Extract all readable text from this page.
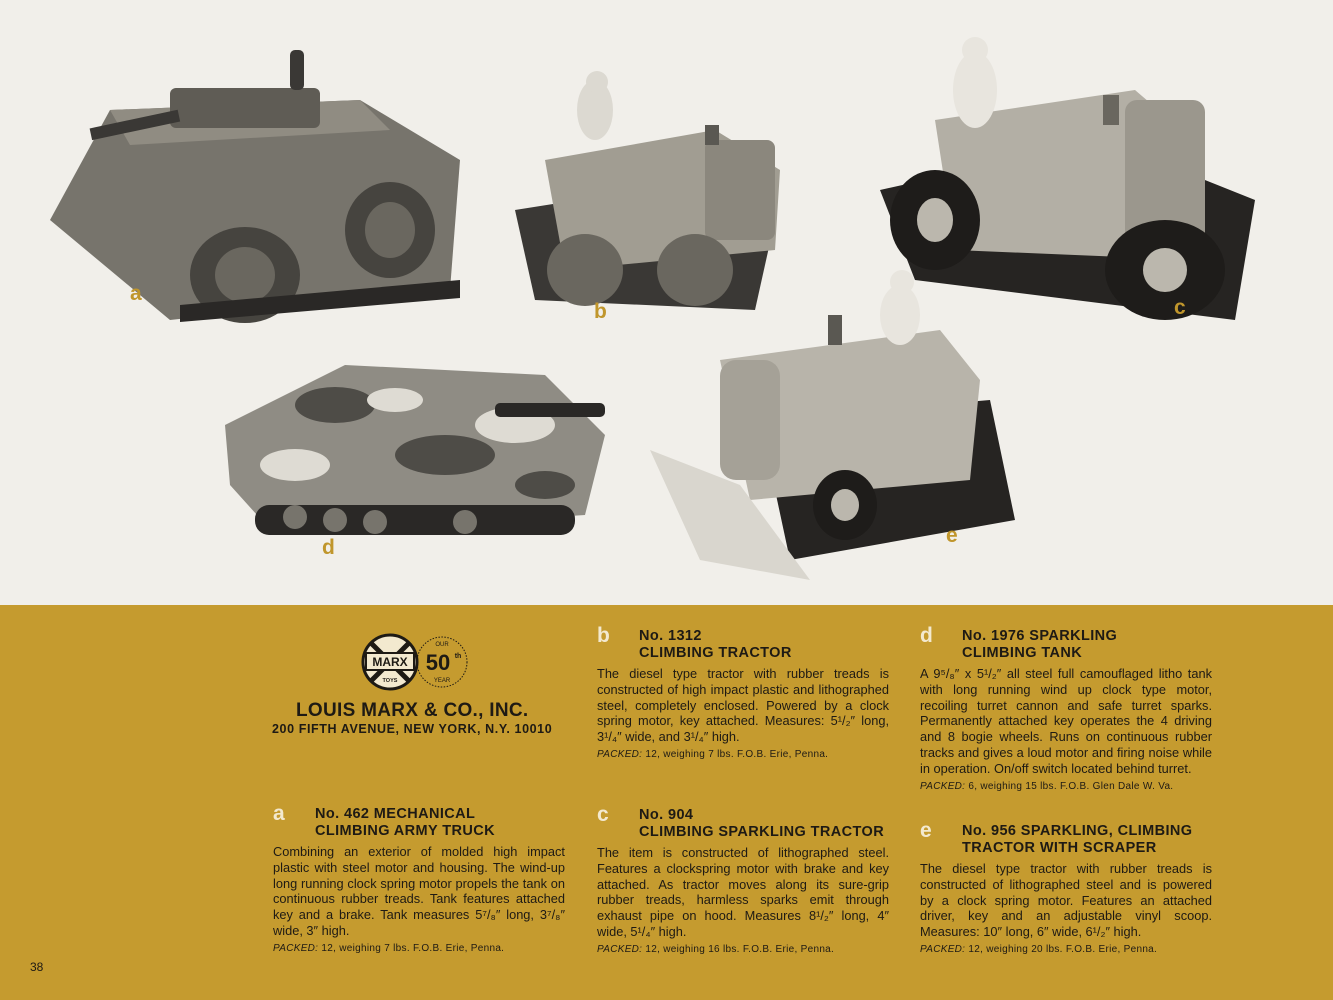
a
b	c
d
e
MARX
TOYS
OUR
50 th
YEAR
LOUIS MARX & CO., INC.
200 FIFTH AVENUE, NEW YORK, N.Y. 10010
a No. 462 MECHANICAL
CLIMBING ARMY TRUCK
Combining an exterior of molded high impact plastic with steel motor and housing. The wind-up long running clock spring motor propels the tank on continuous rubber treads. Tank features attached key and a brake. Tank measures 5⁷/₈″ long, 3⁷/₈″ wide, 3″ high.
PACKED: 12, weighing 7 lbs. F.O.B. Erie, Penna.
b No. 1312
CLIMBING TRACTOR
The diesel type tractor with rubber treads is constructed of high impact plastic and lithographed steel, completely enclosed. Powered by a clock spring motor, key attached. Measures: 5¹/₂″ long, 3¹/₄″ wide, and 3¹/₄″ high.
PACKED: 12, weighing 7 lbs. F.O.B. Erie, Penna.
c No. 904
CLIMBING SPARKLING TRACTOR
The item is constructed of lithographed steel. Features a clockspring motor with brake and key attached. As tractor moves along its sure-grip rubber treads, harmless sparks emit through exhaust pipe on hood. Measures 8¹/₂″ long, 4″ wide, 5¹/₄″ high.
PACKED: 12, weighing 16 lbs. F.O.B. Erie, Penna.
d No. 1976 SPARKLING
CLIMBING TANK
A 9⁵/₈″ x 5¹/₂″ all steel full camouflaged litho tank with long running wind up clock type motor, recoiling turret cannon and safe turret sparks. Permanently attached key operates the 4 driving and 8 bogie wheels. Runs on continuous rubber tracks and gives a loud motor and firing noise while in operation. On/off switch located behind turret.
PACKED: 6, weighing 15 lbs. F.O.B. Glen Dale W. Va.
e No. 956 SPARKLING, CLIMBING
TRACTOR WITH SCRAPER
The diesel type tractor with rubber treads is constructed of lithographed steel and is powered by a clock spring motor. Features an attached driver, key and an adjustable vinyl scoop. Measures: 10″ long, 6″ wide, 6¹/₂″ high.
PACKED: 12, weighing 20 lbs. F.O.B. Erie, Penna.
38
